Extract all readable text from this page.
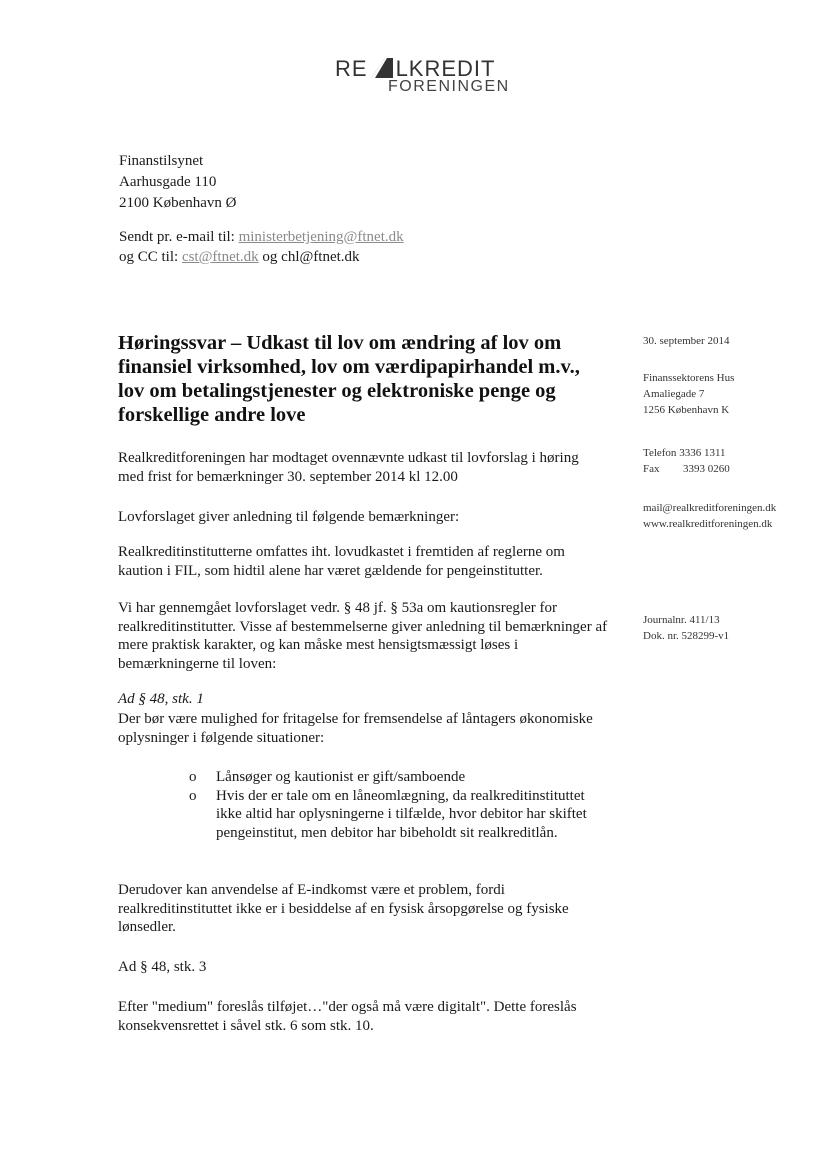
RE LKREDIT
FORENINGEN
Finanstilsynet
Aarhusgade 110
2100 København Ø
Sendt pr. e-mail til: ministerbetjening@ftnet.dk
og CC til: cst@ftnet.dk og chl@ftnet.dk
Høringssvar – Udkast til lov om ændring af lov om finansiel virksomhed, lov om værdipapirhandel m.v., lov om betalingstjenester og elektroniske penge og forskellige andre love
Realkreditforeningen har modtaget ovennævnte udkast til lovforslag i høring med frist for bemærkninger 30. september 2014 kl 12.00
Lovforslaget giver anledning til følgende bemærkninger:
Realkreditinstitutterne omfattes iht. lovudkastet i fremtiden af reglerne om kaution i FIL, som hidtil alene har været gældende for pengeinstitutter.
Vi har gennemgået lovforslaget vedr. § 48 jf. § 53a om kautionsregler for realkreditinstitutter. Visse af bestemmelserne giver anledning til bemærkninger af mere praktisk karakter, og kan måske mest hensigtsmæssigt løses i bemærkningerne til loven:
Ad § 48, stk. 1
Der bør være mulighed for fritagelse for fremsendelse af låntagers økonomiske oplysninger i følgende situationer:
o Lånsøger og kautionist er gift/samboende
o Hvis der er tale om en låneomlægning, da realkreditinstituttet ikke altid har oplysningerne i tilfælde, hvor debitor har skiftet pengeinstitut, men debitor har bibeholdt sit realkreditlån.
Derudover kan anvendelse af E-indkomst være et problem, fordi realkreditinstituttet ikke er i besiddelse af en fysisk årsopgørelse og fysiske lønsedler.
Ad § 48, stk. 3
Efter "medium" foreslås tilføjet…"der også må være digitalt". Dette foreslås konsekvensrettet i såvel stk. 6 som stk. 10.
30. september 2014
Finanssektorens Hus
Amaliegade 7
1256 København K
Telefon 3336 1311
Fax 3393 0260
mail@realkreditforeningen.dk
www.realkreditforeningen.dk
Journalnr. 411/13
Dok. nr. 528299-v1
